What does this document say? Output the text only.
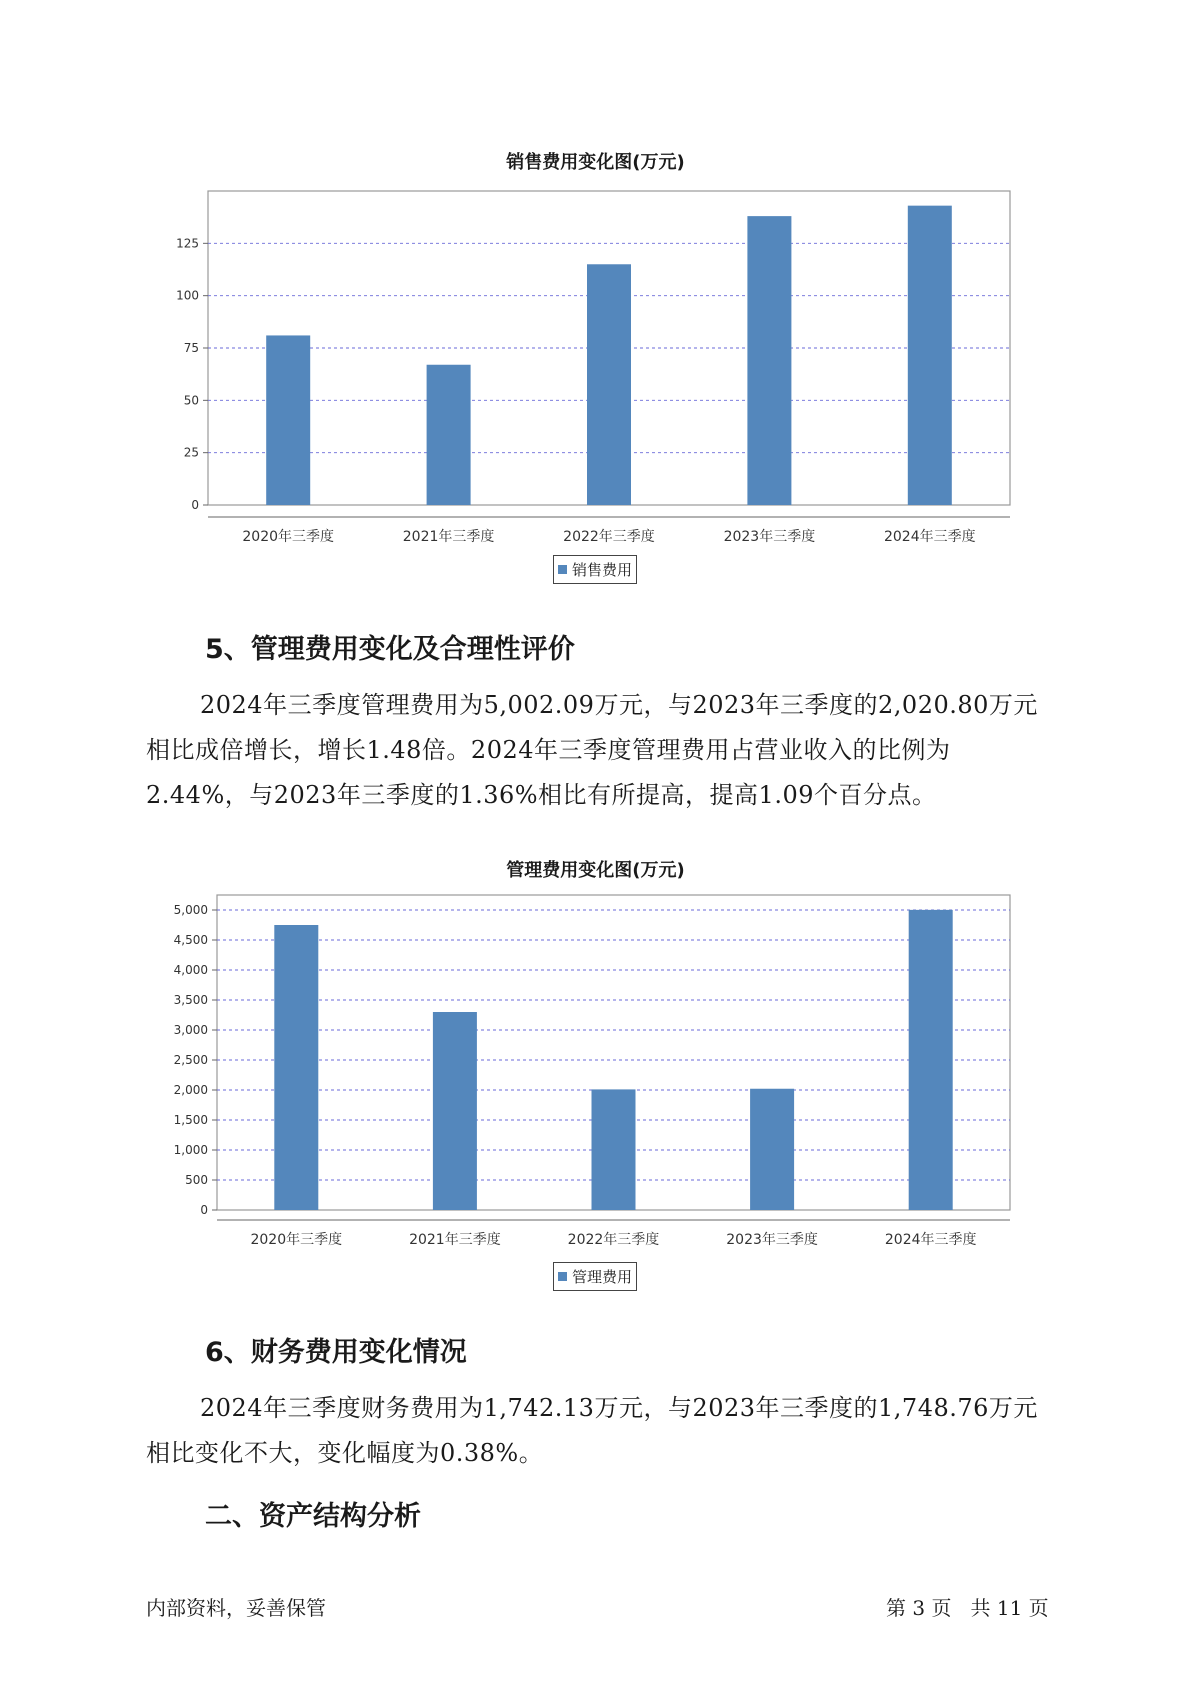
销售费用变化图(万元)
0
25
50
75
100
125
2020年三季度	2021年三季度	2022年三季度	2023年三季度	2024年三季度
销售费用
5、管理费用变化及合理性评价

2024年三季度管理费用为5,002.09万元，与2023年三季度的2,020.80万元相比成倍增长，增长1.48倍。2024年三季度管理费用占营业收入的比例为2.44%，与2023年三季度的1.36%相比有所提高，提高1.09个百分点。

管理费用变化图(万元)
0
500
1,000
1,500
2,000
2,500
3,000
3,500
4,000
4,500
5,000
2020年三季度	2021年三季度	2022年三季度	2023年三季度	2024年三季度
管理费用
6、财务费用变化情况

2024年三季度财务费用为1,742.13万元，与2023年三季度的1,748.76万元相比变化不大，变化幅度为0.38%。

二、资产结构分析
内部资料，妥善保管	第 3 页   共 11 页
